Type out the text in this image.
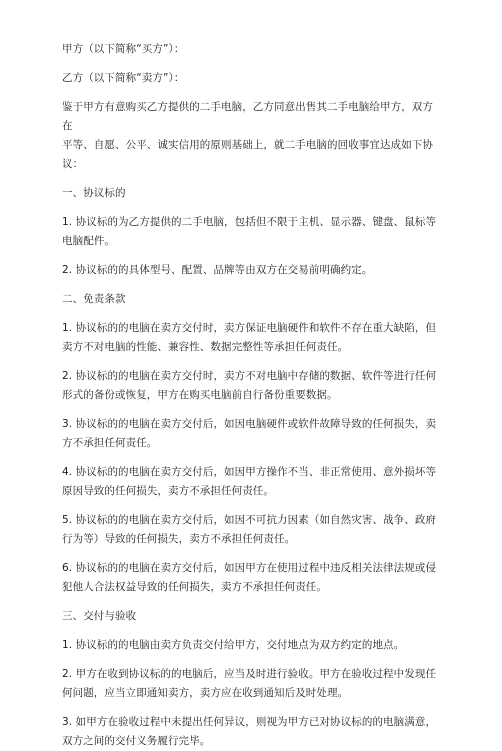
甲方（以下简称“买方”）：

乙方（以下简称“卖方”）：

鉴于甲方有意购买乙方提供的二手电脑，乙方同意出售其二手电脑给甲方，双方在
平等、自愿、公平、诚实信用的原则基础上，就二手电脑的回收事宜达成如下协议：

一、协议标的

1. 协议标的为乙方提供的二手电脑，包括但不限于主机、显示器、键盘、鼠标等
电脑配件。

2. 协议标的的具体型号、配置、品牌等由双方在交易前明确约定。

二、免责条款

1. 协议标的的电脑在卖方交付时，卖方保证电脑硬件和软件不存在重大缺陷，但
卖方不对电脑的性能、兼容性、数据完整性等承担任何责任。

2. 协议标的的电脑在卖方交付时，卖方不对电脑中存储的数据、软件等进行任何
形式的备份或恢复，甲方在购买电脑前自行备份重要数据。

3. 协议标的的电脑在卖方交付后，如因电脑硬件或软件故障导致的任何损失，卖
方不承担任何责任。

4. 协议标的的电脑在卖方交付后，如因甲方操作不当、非正常使用、意外损坏等
原因导致的任何损失，卖方不承担任何责任。

5. 协议标的的电脑在卖方交付后，如因不可抗力因素（如自然灾害、战争、政府
行为等）导致的任何损失，卖方不承担任何责任。

6. 协议标的的电脑在卖方交付后，如因甲方在使用过程中违反相关法律法规或侵
犯他人合法权益导致的任何损失，卖方不承担任何责任。

三、交付与验收

1. 协议标的的电脑由卖方负责交付给甲方，交付地点为双方约定的地点。

2. 甲方在收到协议标的的电脑后，应当及时进行验收。甲方在验收过程中发现任
何问题，应当立即通知卖方，卖方应在收到通知后及时处理。

3. 如甲方在验收过程中未提出任何异议，则视为甲方已对协议标的的电脑满意，
双方之间的交付义务履行完毕。
